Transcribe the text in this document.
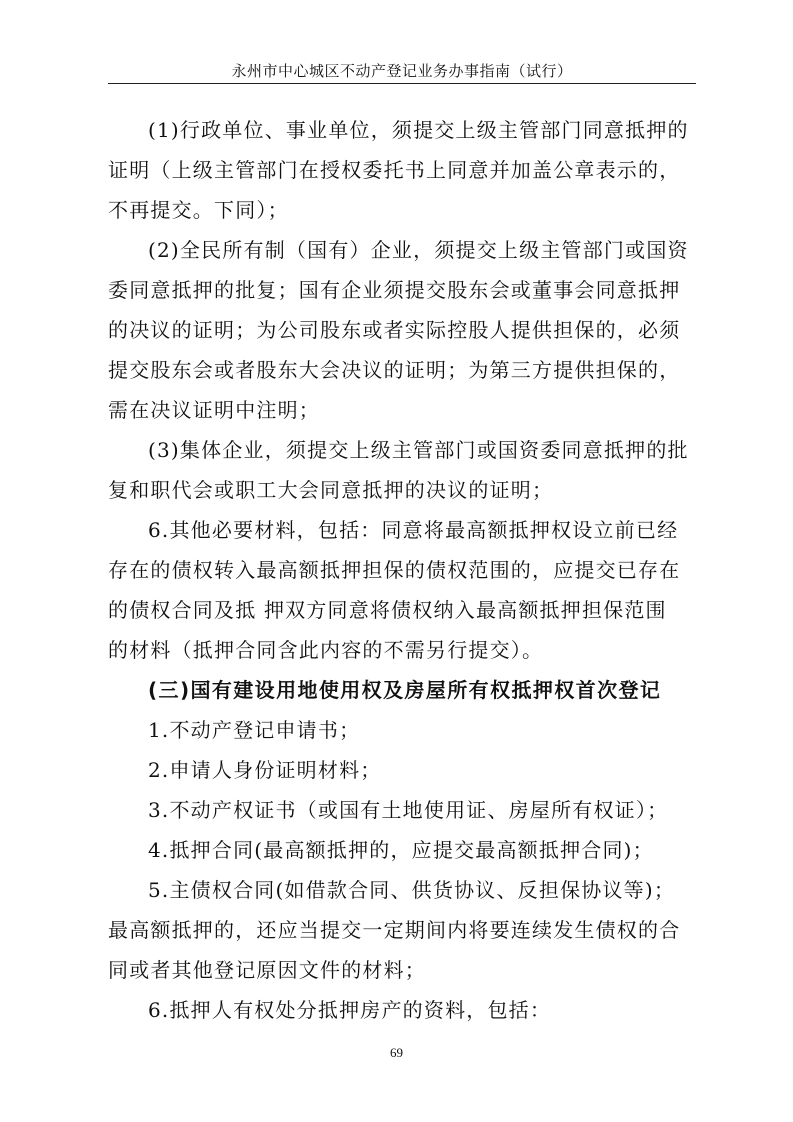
永州市中心城区不动产登记业务办事指南（试行）
(1)行政单位、事业单位，须提交上级主管部门同意抵押的
证明（上级主管部门在授权委托书上同意并加盖公章表示的，
不再提交。下同）；
(2)全民所有制（国有）企业，须提交上级主管部门或国资
委同意抵押的批复；国有企业须提交股东会或董事会同意抵押
的决议的证明；为公司股东或者实际控股人提供担保的，必须
提交股东会或者股东大会决议的证明；为第三方提供担保的，
需在决议证明中注明；
(3)集体企业，须提交上级主管部门或国资委同意抵押的批
复和职代会或职工大会同意抵押的决议的证明；
6.其他必要材料，包括：同意将最高额抵押权设立前已经
存在的债权转入最高额抵押担保的债权范围的，应提交已存在
的债权合同及抵 押双方同意将债权纳入最高额抵押担保范围
的材料（抵押合同含此内容的不需另行提交）。
(三)国有建设用地使用权及房屋所有权抵押权首次登记
1.不动产登记申请书；
2.申请人身份证明材料；
3.不动产权证书（或国有土地使用证、房屋所有权证）；
4.抵押合同(最高额抵押的，应提交最高额抵押合同)；
5.主债权合同(如借款合同、供货协议、反担保协议等)；
最高额抵押的，还应当提交一定期间内将要连续发生债权的合
同或者其他登记原因文件的材料；
6.抵押人有权处分抵押房产的资料，包括：
69
